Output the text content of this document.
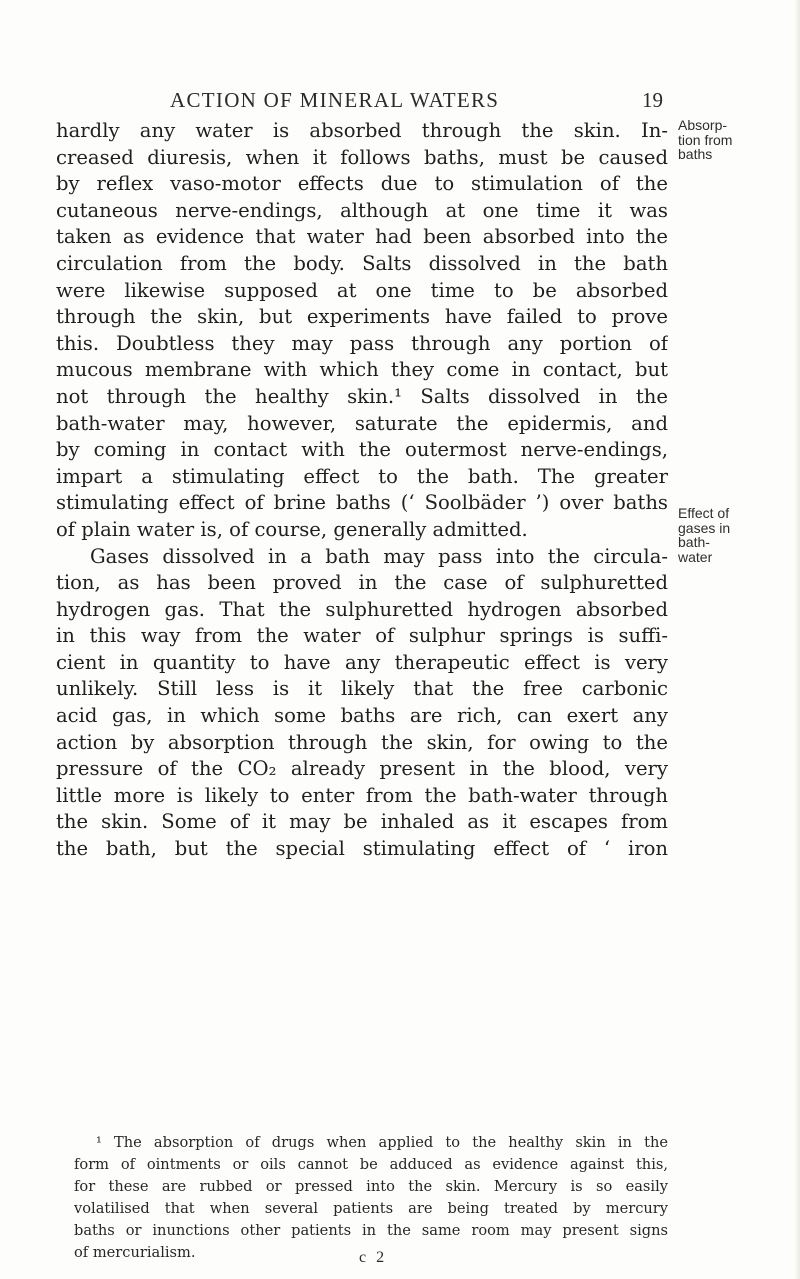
ACTION OF MINERAL WATERS	19
hardly any water is absorbed through the skin. In-
creased diuresis, when it follows baths, must be caused
by reflex vaso-motor effects due to stimulation of the
cutaneous nerve-endings, although at one time it was
taken as evidence that water had been absorbed into the
circulation from the body. Salts dissolved in the bath
were likewise supposed at one time to be absorbed
through the skin, but experiments have failed to prove
this. Doubtless they may pass through any portion of
mucous membrane with which they come in contact, but
not through the healthy skin.¹ Salts dissolved in the
bath-water may, however, saturate the epidermis, and
by coming in contact with the outermost nerve-endings,
impart a stimulating effect to the bath. The greater
stimulating effect of brine baths (‘ Soolbäder ’) over baths
of plain water is, of course, generally admitted.
Gases dissolved in a bath may pass into the circula-
tion, as has been proved in the case of sulphuretted
hydrogen gas. That the sulphuretted hydrogen absorbed
in this way from the water of sulphur springs is suffi-
cient in quantity to have any therapeutic effect is very
unlikely. Still less is it likely that the free carbonic
acid gas, in which some baths are rich, can exert any
action by absorption through the skin, for owing to the
pressure of the CO₂ already present in the blood, very
little more is likely to enter from the bath-water through
the skin. Some of it may be inhaled as it escapes from
the bath, but the special stimulating effect of ‘ iron
Absorp-
tion from
baths
Effect of
gases in
bath-
water
¹ The absorption of drugs when applied to the healthy skin in the
form of ointments or oils cannot be adduced as evidence against this,
for these are rubbed or pressed into the skin. Mercury is so easily
volatilised that when several patients are being treated by mercury
baths or inunctions other patients in the same room may present signs
of mercurialism.	c 2
